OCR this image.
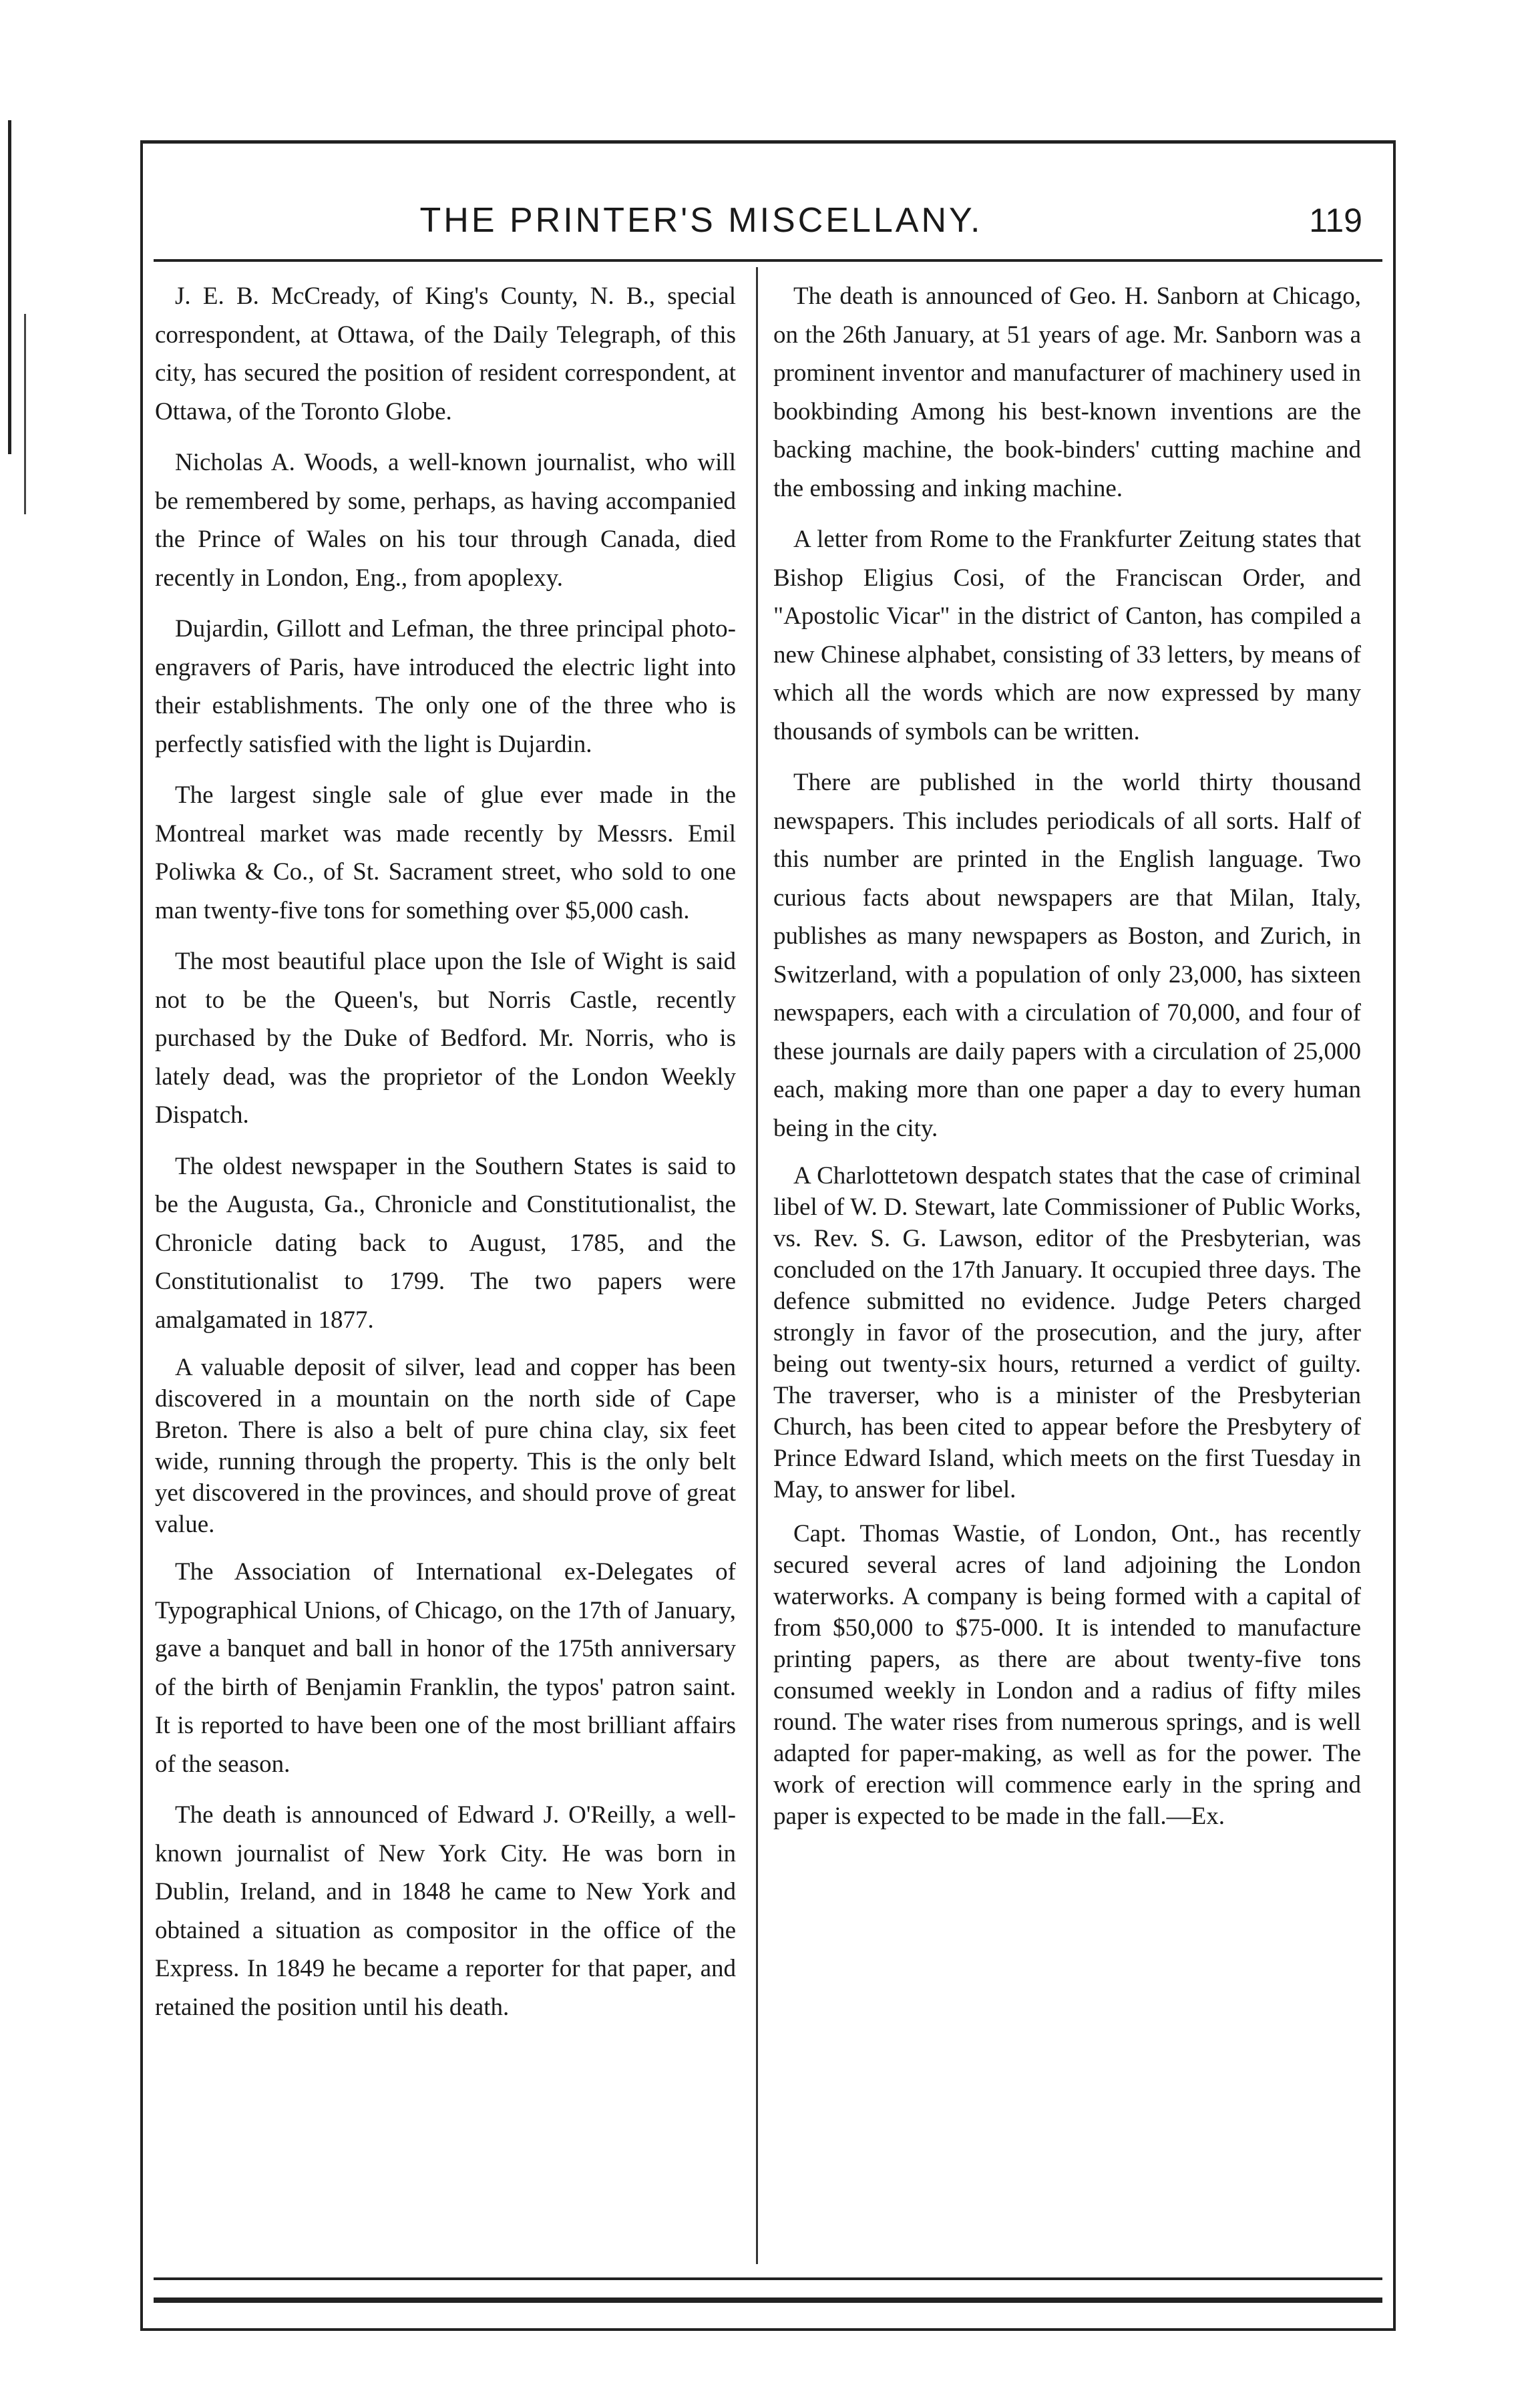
THE PRINTER'S MISCELLANY.	119

J. E. B. McCready, of King's County, N. B., special correspondent, at Ottawa, of the Daily Telegraph, of this city, has secured the position of resident correspondent, at Ottawa, of the Toronto Globe.

Nicholas A. Woods, a well-known journalist, who will be remembered by some, perhaps, as having accompanied the Prince of Wales on his tour through Canada, died recently in London, Eng., from apoplexy.

Dujardin, Gillott and Lefman, the three principal photo-engravers of Paris, have introduced the electric light into their establishments. The only one of the three who is perfectly satisfied with the light is Dujardin.

The largest single sale of glue ever made in the Montreal market was made recently by Messrs. Emil Poliwka & Co., of St. Sacrament street, who sold to one man twenty-five tons for something over $5,000 cash.

The most beautiful place upon the Isle of Wight is said not to be the Queen's, but Norris Castle, recently purchased by the Duke of Bedford. Mr. Norris, who is lately dead, was the proprietor of the London Weekly Dispatch.

The oldest newspaper in the Southern States is said to be the Augusta, Ga., Chronicle and Constitutionalist, the Chronicle dating back to August, 1785, and the Constitutionalist to 1799. The two papers were amalgamated in 1877.

A valuable deposit of silver, lead and copper has been discovered in a mountain on the north side of Cape Breton. There is also a belt of pure china clay, six feet wide, running through the property. This is the only belt yet discovered in the provinces, and should prove of great value.

The Association of International ex-Delegates of Typographical Unions, of Chicago, on the 17th of January, gave a banquet and ball in honor of the 175th anniversary of the birth of Benjamin Franklin, the typos' patron saint. It is reported to have been one of the most brilliant affairs of the season.

The death is announced of Edward J. O'Reilly, a well-known journalist of New York City. He was born in Dublin, Ireland, and in 1848 he came to New York and obtained a situation as compositor in the office of the Express. In 1849 he became a reporter for that paper, and retained the position until his death.

The death is announced of Geo. H. Sanborn at Chicago, on the 26th January, at 51 years of age. Mr. Sanborn was a prominent inventor and manufacturer of machinery used in bookbinding Among his best-known inventions are the backing machine, the book-binders' cutting machine and the embossing and inking machine.

A letter from Rome to the Frankfurter Zeitung states that Bishop Eligius Cosi, of the Franciscan Order, and "Apostolic Vicar" in the district of Canton, has compiled a new Chinese alphabet, consisting of 33 letters, by means of which all the words which are now expressed by many thousands of symbols can be written.

There are published in the world thirty thousand newspapers. This includes periodicals of all sorts. Half of this number are printed in the English language. Two curious facts about newspapers are that Milan, Italy, publishes as many newspapers as Boston, and Zurich, in Switzerland, with a population of only 23,000, has sixteen newspapers, each with a circulation of 70,000, and four of these journals are daily papers with a circulation of 25,000 each, making more than one paper a day to every human being in the city.

A Charlottetown despatch states that the case of criminal libel of W. D. Stewart, late Commissioner of Public Works, vs. Rev. S. G. Lawson, editor of the Presbyterian, was concluded on the 17th January. It occupied three days. The defence submitted no evidence. Judge Peters charged strongly in favor of the prosecution, and the jury, after being out twenty-six hours, returned a verdict of guilty. The traverser, who is a minister of the Presbyterian Church, has been cited to appear before the Presbytery of Prince Edward Island, which meets on the first Tuesday in May, to answer for libel.

Capt. Thomas Wastie, of London, Ont., has recently secured several acres of land adjoining the London waterworks. A company is being formed with a capital of from $50,000 to $75-000. It is intended to manufacture printing papers, as there are about twenty-five tons consumed weekly in London and a radius of fifty miles round. The water rises from numerous springs, and is well adapted for paper-making, as well as for the power. The work of erection will commence early in the spring and paper is expected to be made in the fall.—Ex.
